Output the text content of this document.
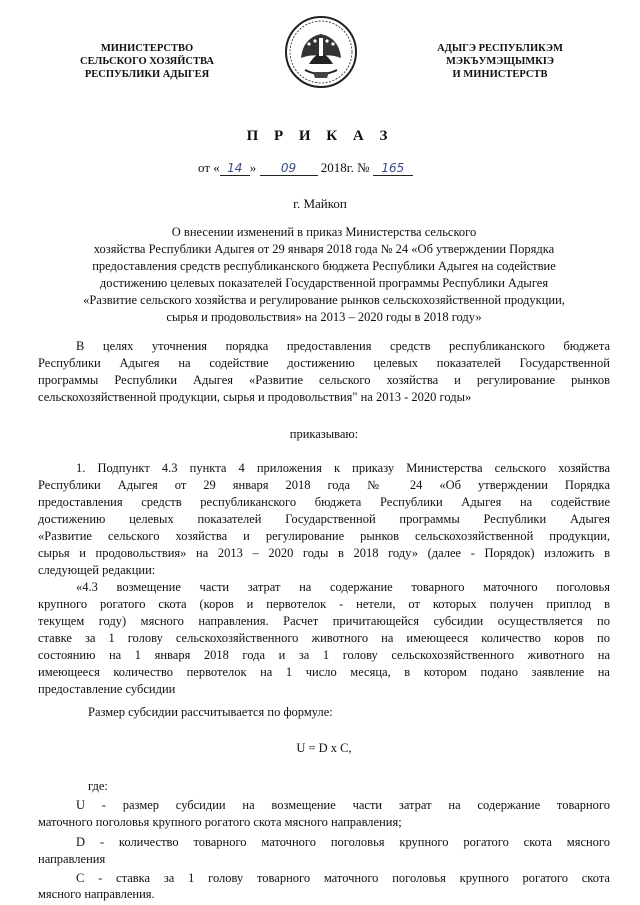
МИНИСТЕРСТВО
СЕЛЬСКОГО ХОЗЯЙСТВА
РЕСПУБЛИКИ АДЫГЕЯ
АДЫГЭ РЕСПУБЛИКЭМ
МЭКЪУМЭЩЫМКIЭ
И МИНИСТЕРСТВ
П Р И К А З
от « 14 » 09 2018г. № 165
г. Майкоп
О внесении изменений в приказ Министерства сельского
хозяйства Республики Адыгея от 29 января 2018 года № 24 «Об утверждении Порядка
предоставления средств республиканского бюджета Республики Адыгея на содействие
достижению целевых показателей Государственной программы Республики Адыгея
«Развитие сельского хозяйства и регулирование рынков сельскохозяйственной продукции,
сырья и продовольствия» на 2013 – 2020 годы в 2018 году»
В целях уточнения порядка предоставления средств республиканского бюджета
Республики Адыгея на содействие достижению целевых показателей Государственной
программы Республики Адыгея «Развитие сельского хозяйства и регулирование рынков
сельскохозяйственной продукции, сырья и продовольствия" на 2013 - 2020 годы»
приказываю:
1. Подпункт 4.3 пункта 4 приложения к приказу Министерства сельского хозяйства
Республики Адыгея от 29 января 2018 года № 24 «Об утверждении Порядка
предоставления средств республиканского бюджета Республики Адыгея на содействие
достижению целевых показателей Государственной программы Республики Адыгея
«Развитие сельского хозяйства и регулирование рынков сельскохозяйственной продукции,
сырья и продовольствия» на 2013 – 2020 годы в 2018 году» (далее - Порядок) изложить в
следующей редакции:
«4.3 возмещение части затрат на содержание товарного маточного поголовья
крупного рогатого скота (коров и первотелок - нетели, от которых получен приплод в
текущем году) мясного направления. Расчет причитающейся субсидии осуществляется по
ставке за 1 голову сельскохозяйственного животного на имеющееся количество коров по
состоянию на 1 января 2018 года и за 1 голову сельскохозяйственного животного на
имеющееся количество первотелок на 1 число месяца, в котором подано заявление на
предоставление субсидии
Размер субсидии рассчитывается по формуле:
U = D x C,
где:
U - размер субсидии на возмещение части затрат на содержание товарного
маточного поголовья крупного рогатого скота мясного направления;
D - количество товарного маточного поголовья крупного рогатого скота мясного
направления
C - ставка за 1 голову товарного маточного поголовья крупного рогатого скота
мясного направления.
